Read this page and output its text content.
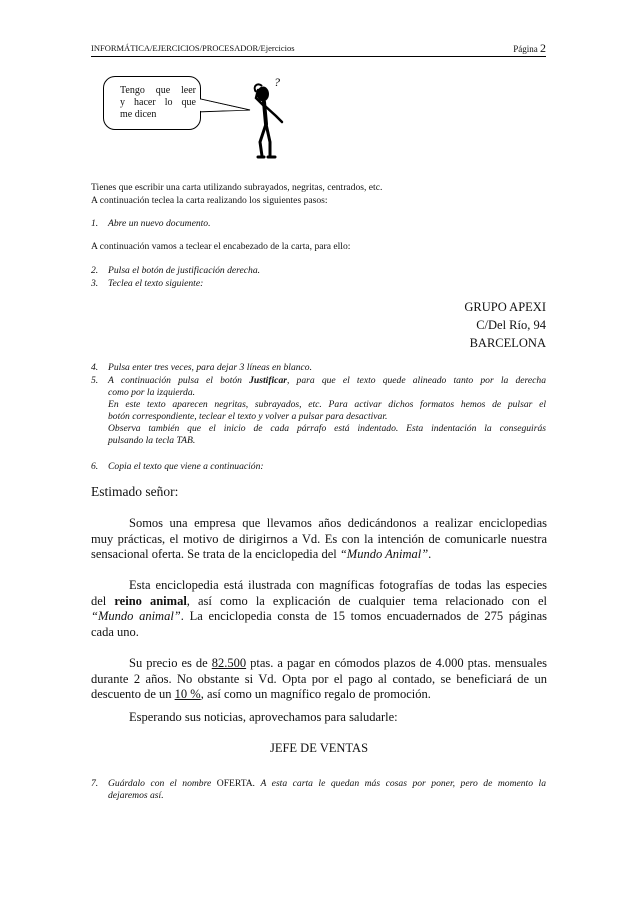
INFORMÁTICA/EJERCICIOS/PROCESADOR/Ejercicios	Página 2
Tengo que leer
y hacer lo que
me dicen
?
Tienes que escribir una carta utilizando subrayados, negritas, centrados, etc.
A continuación teclea la carta realizando los siguientes pasos:
1. Abre un nuevo documento.
A continuación vamos a teclear el encabezado de la carta, para ello:
2. Pulsa el botón de justificación derecha.
3. Teclea el texto siguiente:
GRUPO APEXI
C/Del Río, 94
BARCELONA
4. Pulsa enter tres veces, para dejar 3 líneas en blanco.
5. A continuación pulsa el botón Justificar, para que el texto quede alineado tanto por la derecha
como por la izquierda.
En este texto aparecen negritas, subrayados, etc. Para activar dichos formatos hemos de pulsar el
botón correspondiente, teclear el texto y volver a pulsar para desactivar.
Observa también que el inicio de cada párrafo está indentado. Esta indentación la conseguirás
pulsando la tecla TAB.
6. Copia el texto que viene a continuación:
Estimado señor:
Somos una empresa que llevamos años dedicándonos a realizar enciclopedias
muy prácticas, el motivo de dirigirnos a Vd. Es con la intención de comunicarle nuestra
sensacional oferta. Se trata de la enciclopedia del “Mundo Animal”.
Esta enciclopedia está ilustrada con magníficas fotografías de todas las especies
del reino animal, así como la explicación de cualquier tema relacionado con el
“Mundo animal”. La enciclopedia consta de 15 tomos encuadernados de 275 páginas
cada uno.
Su precio es de 82.500 ptas. a pagar en cómodos plazos de 4.000 ptas. mensuales
durante 2 años. No obstante si Vd. Opta por el pago al contado, se beneficiará de un
descuento de un 10 %, así como un magnífico regalo de promoción.
Esperando sus noticias, aprovechamos para saludarle:
JEFE DE VENTAS
7. Guárdalo con el nombre OFERTA. A esta carta le quedan más cosas por poner, pero de momento la
dejaremos así.
